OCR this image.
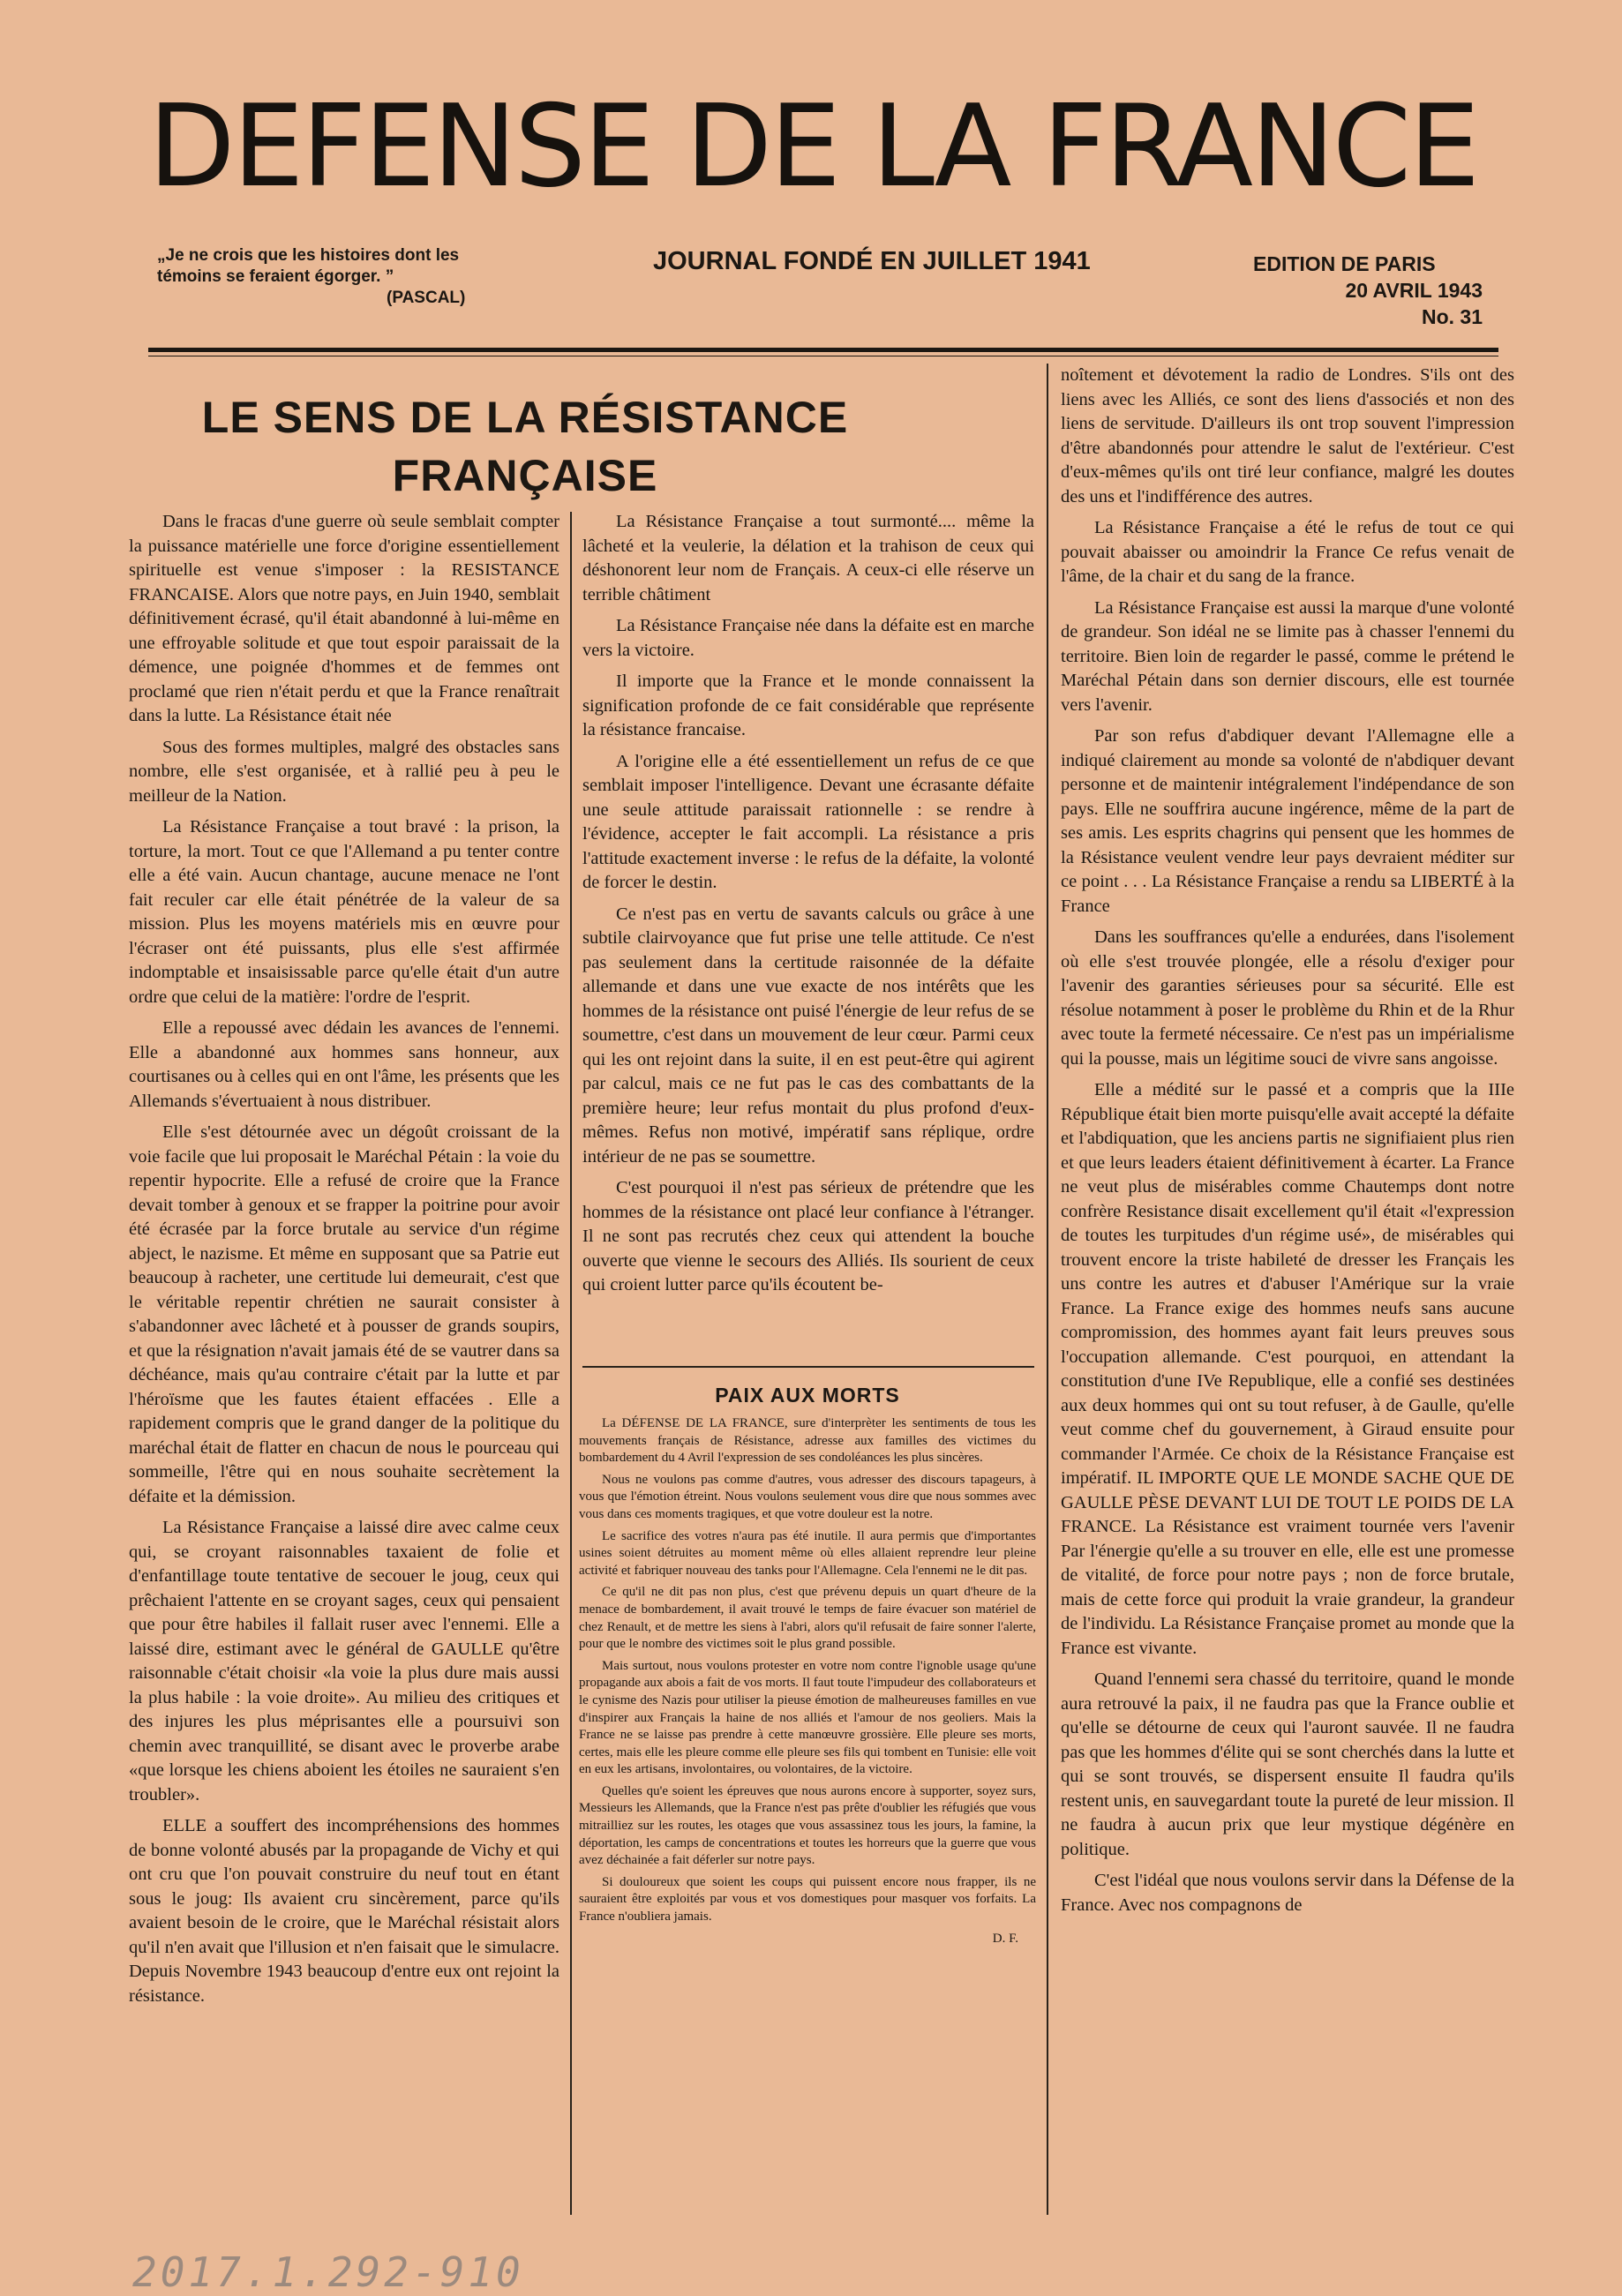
DEFENSE DE LA FRANCE
„Je ne crois que les histoires dont les témoins se feraient égorger. ”
(PASCAL)
JOURNAL FONDÉ EN JUILLET 1941	EDITION DE PARIS
20 AVRIL 1943
No. 31
LE SENS DE LA RÉSISTANCE FRANÇAISE

Dans le fracas d'une guerre où seule semblait compter la puissance matérielle une force d'origine essentiellement spirituelle est venue s'imposer : la RESISTANCE FRANCAISE. Alors que notre pays, en Juin 1940, semblait définitivement écrasé, qu'il était abandonné à lui-même en une effroyable solitude et que tout espoir paraissait de la démence, une poignée d'hommes et de femmes ont proclamé que rien n'était perdu et que la France renaîtrait dans la lutte. La Résistance était née

Sous des formes multiples, malgré des obstacles sans nombre, elle s'est organisée, et à rallié peu à peu le meilleur de la Nation.

La Résistance Française a tout bravé : la prison, la torture, la mort. Tout ce que l'Allemand a pu tenter contre elle a été vain. Aucun chantage, aucune menace ne l'ont fait reculer car elle était pénétrée de la valeur de sa mission. Plus les moyens matériels mis en œuvre pour l'écraser ont été puissants, plus elle s'est affirmée indomptable et insaisissable parce qu'elle était d'un autre ordre que celui de la matière: l'ordre de l'esprit.

Elle a repoussé avec dédain les avances de l'ennemi. Elle a abandonné aux hommes sans honneur, aux courtisanes ou à celles qui en ont l'âme, les présents que les Allemands s'évertuaient à nous distribuer.

Elle s'est détournée avec un dégoût croissant de la voie facile que lui proposait le Maréchal Pétain : la voie du repentir hypocrite. Elle a refusé de croire que la France devait tomber à genoux et se frapper la poitrine pour avoir été écrasée par la force brutale au service d'un régime abject, le nazisme. Et même en supposant que sa Patrie eut beaucoup à racheter, une certitude lui demeurait, c'est que le véritable repentir chrétien ne saurait consister à s'abandonner avec lâcheté et à pousser de grands soupirs, et que la résignation n'avait jamais été de se vautrer dans sa déchéance, mais qu'au contraire c'était par la lutte et par l'héroïsme que les fautes étaient effacées . Elle a rapidement compris que le grand danger de la politique du maréchal était de flatter en chacun de nous le pourceau qui sommeille, l'être qui en nous souhaite secrètement la défaite et la démission.

La Résistance Française a laissé dire avec calme ceux qui, se croyant raisonnables taxaient de folie et d'enfantillage toute tentative de secouer le joug, ceux qui prêchaient l'attente en se croyant sages, ceux qui pensaient que pour être habiles il fallait ruser avec l'ennemi. Elle a laissé dire, estimant avec le général de GAULLE qu'être raisonnable c'était choisir «la voie la plus dure mais aussi la plus habile : la voie droite». Au milieu des critiques et des injures les plus méprisantes elle a poursuivi son chemin avec tranquillité, se disant avec le proverbe arabe «que lorsque les chiens aboient les étoiles ne sauraient s'en troubler».

ELLE a souffert des incompréhensions des hommes de bonne volonté abusés par la propagande de Vichy et qui ont cru que l'on pouvait construire du neuf tout en étant sous le joug: Ils avaient cru sincèrement, parce qu'ils avaient besoin de le croire, que le Maréchal résistait alors qu'il n'en avait que l'illusion et n'en faisait que le simulacre. Depuis Novembre 1943 beaucoup d'entre eux ont rejoint la résistance.

La Résistance Française a tout surmonté.... même la lâcheté et la veulerie, la délation et la trahison de ceux qui déshonorent leur nom de Français. A ceux-ci elle réserve un terrible châtiment

La Résistance Française née dans la défaite est en marche vers la victoire.

Il importe que la France et le monde connaissent la signification profonde de ce fait considérable que représente la résistance francaise.

A l'origine elle a été essentiellement un refus de ce que semblait imposer l'intelligence. Devant une écrasante défaite une seule attitude paraissait rationnelle : se rendre à l'évidence, accepter le fait accompli. La résistance a pris l'attitude exactement inverse : le refus de la défaite, la volonté de forcer le destin.

Ce n'est pas en vertu de savants calculs ou grâce à une subtile clairvoyance que fut prise une telle attitude. Ce n'est pas seulement dans la certitude raisonnée de la défaite allemande et dans une vue exacte de nos intérêts que les hommes de la résistance ont puisé l'énergie de leur refus de se soumettre, c'est dans un mouvement de leur cœur. Parmi ceux qui les ont rejoint dans la suite, il en est peut-être qui agirent par calcul, mais ce ne fut pas le cas des combattants de la première heure; leur refus montait du plus profond d'eux-mêmes. Refus non motivé, impératif sans réplique, ordre intérieur de ne pas se soumettre.

C'est pourquoi il n'est pas sérieux de prétendre que les hommes de la résistance ont placé leur confiance à l'étranger. Il ne sont pas recrutés chez ceux qui attendent la bouche ouverte que vienne le secours des Alliés. Ils sourient de ceux qui croient lutter parce qu'ils écoutent be-

noîtement et dévotement la radio de Londres. S'ils ont des liens avec les Alliés, ce sont des liens d'associés et non des liens de servitude. D'ailleurs ils ont trop souvent l'impression d'être abandonnés pour attendre le salut de l'extérieur. C'est d'eux-mêmes qu'ils ont tiré leur confiance, malgré les doutes des uns et l'indifférence des autres.

La Résistance Française a été le refus de tout ce qui pouvait abaisser ou amoindrir la France Ce refus venait de l'âme, de la chair et du sang de la france.

La Résistance Française est aussi la marque d'une volonté de grandeur. Son idéal ne se limite pas à chasser l'ennemi du territoire. Bien loin de regarder le passé, comme le prétend le Maréchal Pétain dans son dernier discours, elle est tournée vers l'avenir.

Par son refus d'abdiquer devant l'Allemagne elle a indiqué clairement au monde sa volonté de n'abdiquer devant personne et de maintenir intégralement l'indépendance de son pays. Elle ne souffrira aucune ingérence, même de la part de ses amis. Les esprits chagrins qui pensent que les hommes de la Résistance veulent vendre leur pays devraient méditer sur ce point . . . La Résistance Française a rendu sa LIBERTÉ à la France

Dans les souffrances qu'elle a endurées, dans l'isolement où elle s'est trouvée plongée, elle a résolu d'exiger pour l'avenir des garanties sérieuses pour sa sécurité. Elle est résolue notamment à poser le problème du Rhin et de la Rhur avec toute la fermeté nécessaire. Ce n'est pas un impérialisme qui la pousse, mais un légitime souci de vivre sans angoisse.

Elle a médité sur le passé et a compris que la IIIe République était bien morte puisqu'elle avait accepté la défaite et l'abdiquation, que les anciens partis ne signifiaient plus rien et que leurs leaders étaient définitivement à écarter. La France ne veut plus de misérables comme Chautemps dont notre confrère Resistance disait excellement qu'il était «l'expression de toutes les turpitudes d'un régime usé», de misérables qui trouvent encore la triste habileté de dresser les Français les uns contre les autres et d'abuser l'Amérique sur la vraie France. La France exige des hommes neufs sans aucune compromission, des hommes ayant fait leurs preuves sous l'occupation allemande. C'est pourquoi, en attendant la constitution d'une IVe Republique, elle a confié ses destinées aux deux hommes qui ont su tout refuser, à de Gaulle, qu'elle veut comme chef du gouvernement, à Giraud ensuite pour commander l'Armée. Ce choix de la Résistance Française est impératif. IL IMPORTE QUE LE MONDE SACHE QUE DE GAULLE PÈSE DEVANT LUI DE TOUT LE POIDS DE LA FRANCE. La Résistance est vraiment tournée vers l'avenir Par l'énergie qu'elle a su trouver en elle, elle est une promesse de vitalité, de force pour notre pays ; non de force brutale, mais de cette force qui produit la vraie grandeur, la grandeur de l'individu. La Résistance Française promet au monde que la France est vivante.

Quand l'ennemi sera chassé du territoire, quand le monde aura retrouvé la paix, il ne faudra pas que la France oublie et qu'elle se détourne de ceux qui l'auront sauvée. Il ne faudra pas que les hommes d'élite qui se sont cherchés dans la lutte et qui se sont trouvés, se dispersent ensuite Il faudra qu'ils restent unis, en sauvegardant toute la pureté de leur mission. Il ne faudra à aucun prix que leur mystique dégénère en politique.

C'est l'idéal que nous voulons servir dans la Défense de la France. Avec nos compagnons de

PAIX AUX MORTS

La DÉFENSE DE LA FRANCE, sure d'interprèter les sentiments de tous les mouvements français de Résistance, adresse aux familles des victimes du bombardement du 4 Avril l'expression de ses condoléances les plus sincères.

Nous ne voulons pas comme d'autres, vous adresser des discours tapageurs, à vous que l'émotion étreint. Nous voulons seulement vous dire que nous sommes avec vous dans ces moments tragiques, et que votre douleur est la notre.

Le sacrifice des votres n'aura pas été inutile. Il aura permis que d'importantes usines soient détruites au moment même où elles allaient reprendre leur pleine activité et fabriquer nouveau des tanks pour l'Allemagne. Cela l'ennemi ne le dit pas.

Ce qu'il ne dit pas non plus, c'est que prévenu depuis un quart d'heure de la menace de bombardement, il avait trouvé le temps de faire évacuer son matériel de chez Renault, et de mettre les siens à l'abri, alors qu'il refusait de faire sonner l'alerte, pour que le nombre des victimes soit le plus grand possible.

Mais surtout, nous voulons protester en votre nom contre l'ignoble usage qu'une propagande aux abois a fait de vos morts. Il faut toute l'impudeur des collaborateurs et le cynisme des Nazis pour utiliser la pieuse émotion de malheureuses familles en vue d'inspirer aux Français la haine de nos alliés et l'amour de nos geoliers. Mais la France ne se laisse pas prendre à cette manœuvre grossière. Elle pleure ses morts, certes, mais elle les pleure comme elle pleure ses fils qui tombent en Tunisie: elle voit en eux les artisans, involontaires, ou volontaires, de la victoire.

Quelles qu'e soient les épreuves que nous aurons encore à supporter, soyez surs, Messieurs les Allemands, que la France n'est pas prête d'oublier les réfugiés que vous mitrailliez sur les routes, les otages que vous assassinez tous les jours, la famine, la déportation, les camps de concentrations et toutes les horreurs que la guerre que vous avez déchainée a fait déferler sur notre pays.

Si douloureux que soient les coups qui puissent encore nous frapper, ils ne sauraient être exploités par vous et vos domestiques pour masquer vos forfaits. La France n'oubliera jamais.

D. F.
2017.1.292-910
